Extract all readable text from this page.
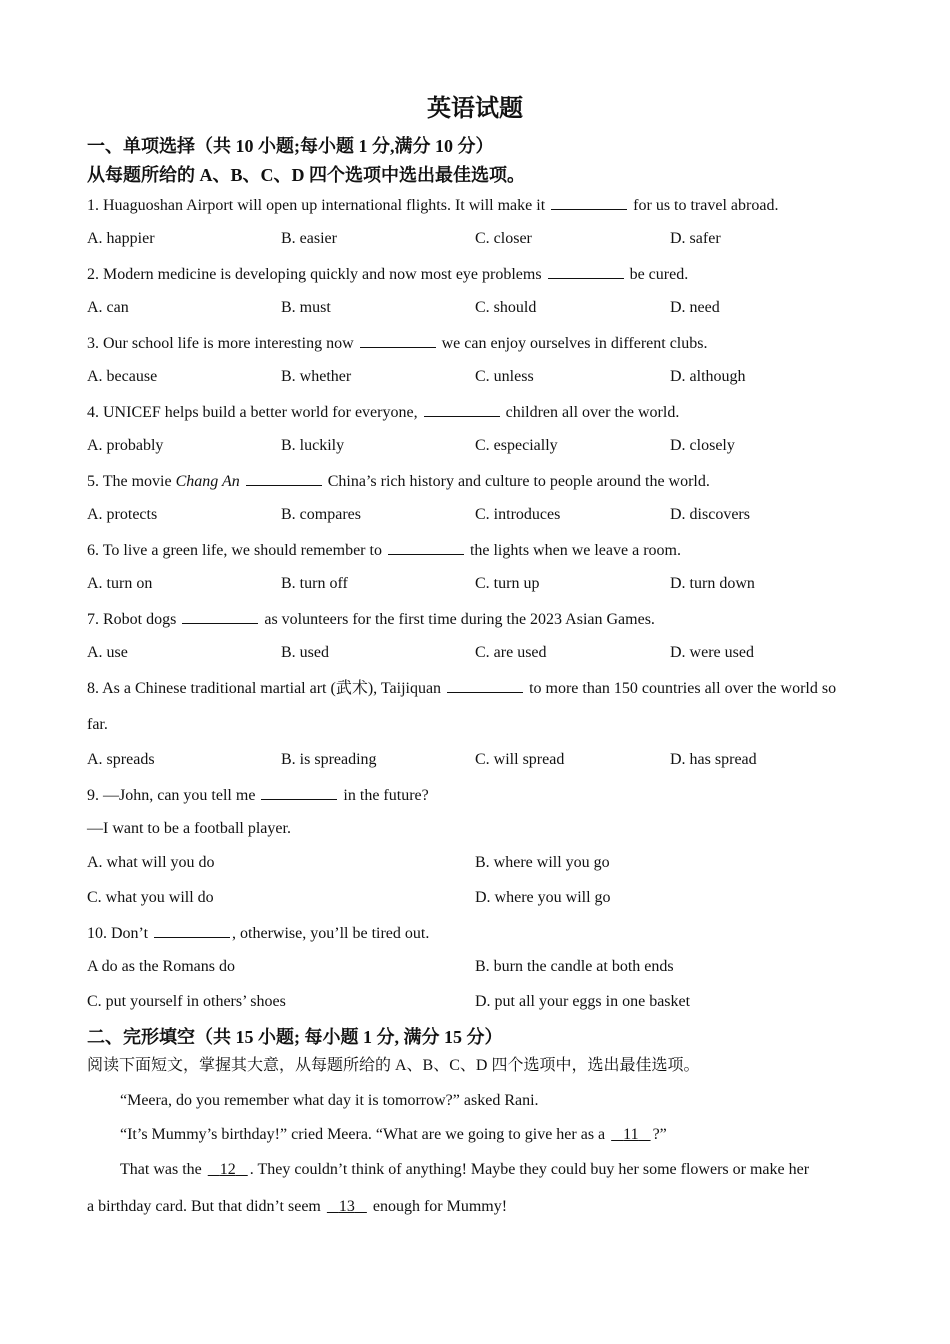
英语试题
一、单项选择（共 10 小题;每小题 1 分,满分 10 分）
从每题所给的 A、B、C、D 四个选项中选出最佳选项。
1. Huaguoshan Airport will open up international flights. It will make it	for us to travel abroad.
A. happier	B. easier	C. closer	D. safer
2. Modern medicine is developing quickly and now most eye problems	be cured.
A. can	B. must	C. should	D. need
3. Our school life is more interesting now	we can enjoy ourselves in different clubs.
A. because	B. whether	C. unless	D. although
4. UNICEF helps build a better world for everyone,	children all over the world.
A. probably	B. luckily	C. especially	D. closely
5. The movie Chang An	China’s rich history and culture to people around the world.
A. protects	B. compares	C. introduces	D. discovers
6. To live a green life, we should remember to	the lights when we leave a room.
A. turn on	B. turn off	C. turn up	D. turn down
7. Robot dogs	as volunteers for the first time during the 2023 Asian Games.
A. use	B. used	C. are used	D. were used
8. As a Chinese traditional martial art (武术), Taijiquan	to more than 150 countries all over the world so
far.
A. spreads	B. is spreading	C. will spread	D. has spread
9. —John, can you tell me	in the future?
—I want to be a football player.
A. what will you do	B. where will you go
C. what you will do	D. where you will go
10. Don’t	, otherwise, you’ll be tired out.
A do as the Romans do	B. burn the candle at both ends
C. put yourself in others’ shoes	D. put all your eggs in one basket
二、完形填空（共 15 小题; 每小题 1 分, 满分 15 分）
阅读下面短文，掌握其大意，从每题所给的 A、B、C、D 四个选项中，选出最佳选项。
“Meera, do you remember what day it is tomorrow?” asked Rani.
“It’s Mummy’s birthday!” cried Meera. “What are we going to give her as a 11 ?”
That was the 12 . They couldn’t think of anything! Maybe they could buy her some flowers or make her
a birthday card. But that didn’t seem 13 enough for Mummy!
